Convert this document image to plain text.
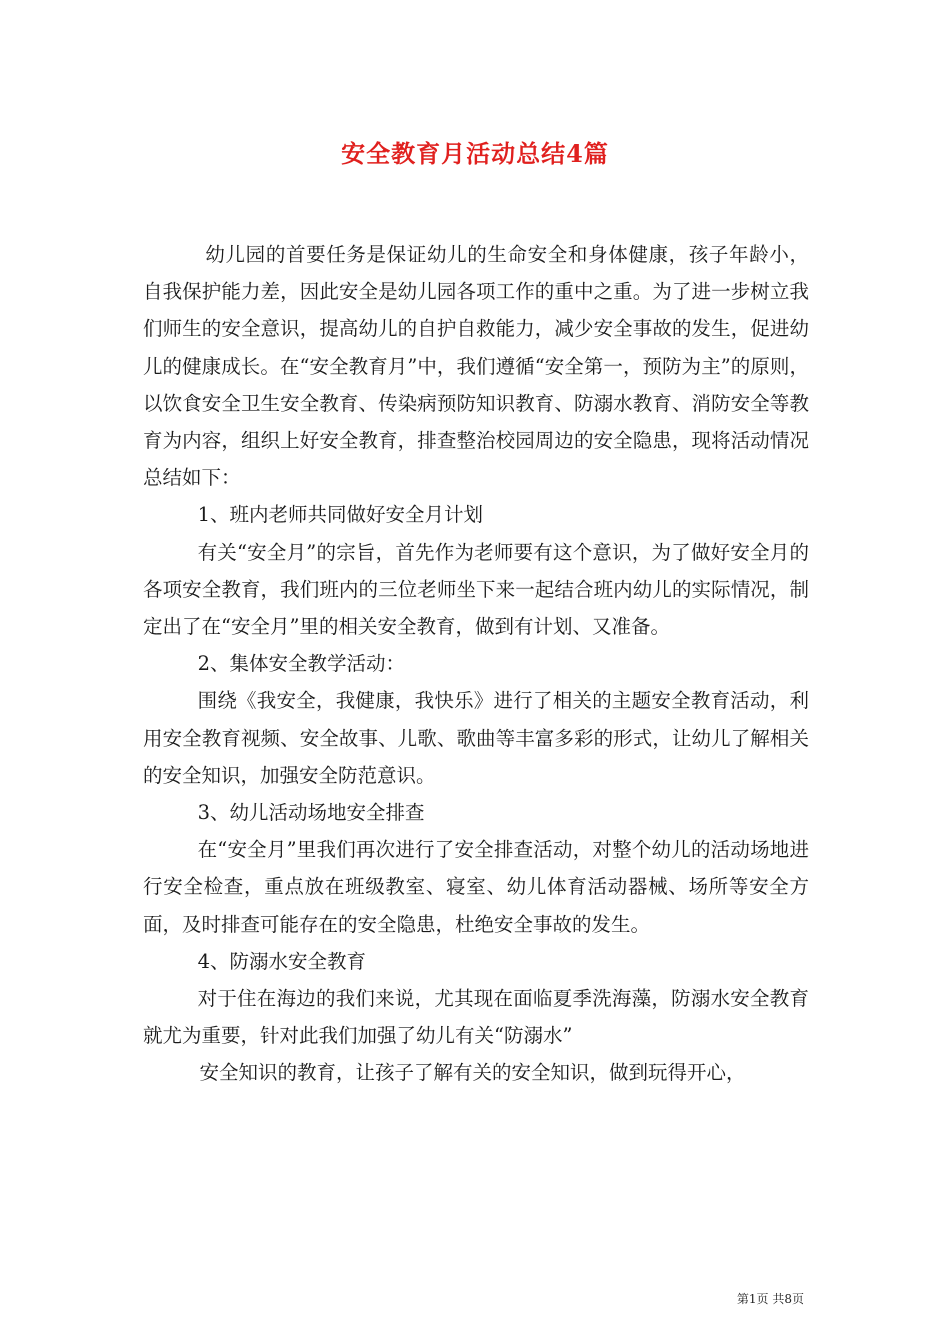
安全教育月活动总结4篇

幼儿园的首要任务是保证幼儿的生命安全和身体健康，孩子年龄小，自我保护能力差，因此安全是幼儿园各项工作的重中之重。为了进一步树立我们师生的安全意识，提高幼儿的自护自救能力，减少安全事故的发生，促进幼儿的健康成长。在“安全教育月”中，我们遵循“安全第一，预防为主”的原则，以饮食安全卫生安全教育、传染病预防知识教育、防溺水教育、消防安全等教育为内容，组织上好安全教育，排查整治校园周边的安全隐患，现将活动情况总结如下：

1、班内老师共同做好安全月计划

有关“安全月”的宗旨，首先作为老师要有这个意识，为了做好安全月的各项安全教育，我们班内的三位老师坐下来一起结合班内幼儿的实际情况，制定出了在“安全月”里的相关安全教育，做到有计划、又准备。

2、集体安全教学活动：

围绕《我安全，我健康，我快乐》进行了相关的主题安全教育活动，利用安全教育视频、安全故事、儿歌、歌曲等丰富多彩的形式，让幼儿了解相关的安全知识，加强安全防范意识。

3、幼儿活动场地安全排查

在“安全月”里我们再次进行了安全排查活动，对整个幼儿的活动场地进行安全检查，重点放在班级教室、寝室、幼儿体育活动器械、场所等安全方面，及时排查可能存在的安全隐患，杜绝安全事故的发生。

4、防溺水安全教育

对于住在海边的我们来说，尤其现在面临夏季洗海藻，防溺水安全教育就尤为重要，针对此我们加强了幼儿有关“防溺水”

安全知识的教育，让孩子了解有关的安全知识，做到玩得开心，

第1页 共8页
